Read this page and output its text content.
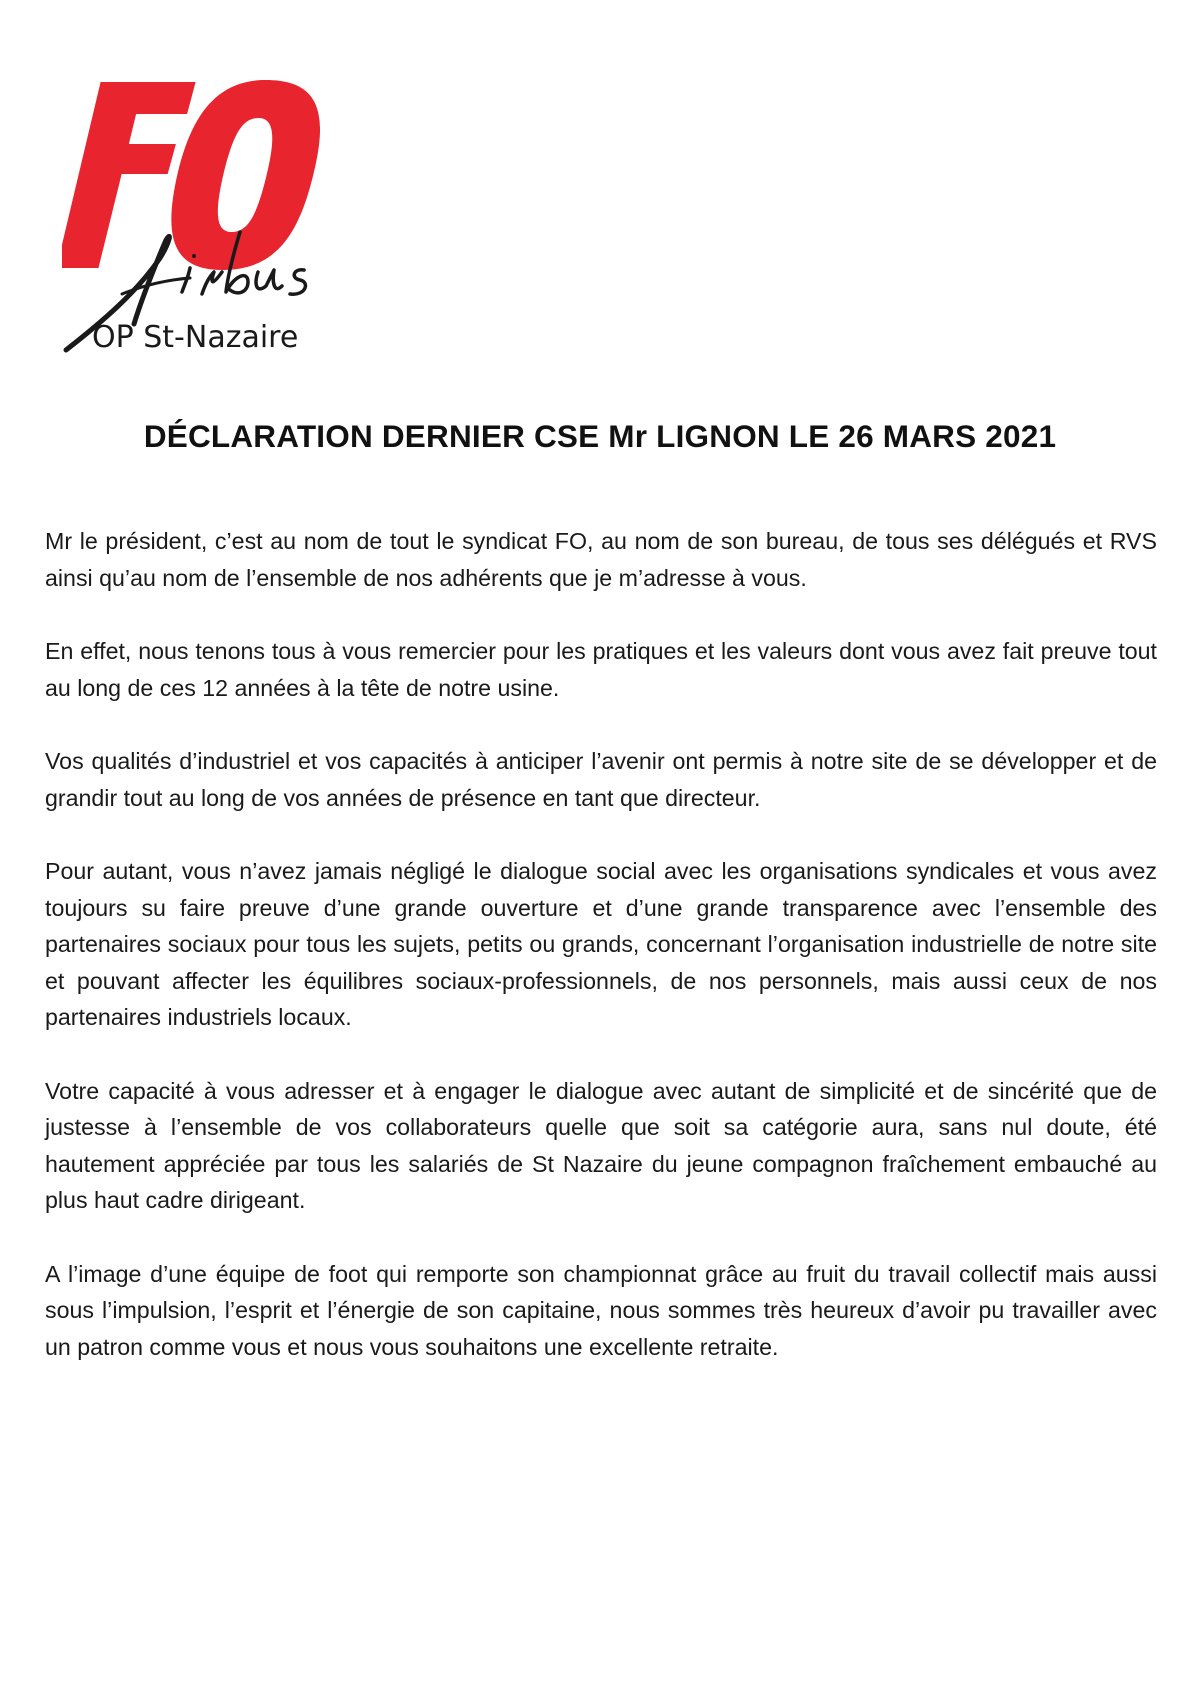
OP St-Nazaire
DÉCLARATION DERNIER CSE Mr LIGNON LE 26 MARS 2021

Mr le président, c’est au nom de tout le syndicat FO, au nom de son bureau, de tous ses délégués et RVS ainsi qu’au nom de l’ensemble de nos adhérents que je m’adresse à vous.

En effet, nous tenons tous à vous remercier pour les pratiques et les valeurs dont vous avez fait preuve tout au long de ces 12 années à la tête de notre usine.

Vos qualités d’industriel et vos capacités à anticiper l’avenir ont permis à notre site de se développer et de grandir tout au long de vos années de présence en tant que directeur.

Pour autant, vous n’avez jamais négligé le dialogue social avec les organisations syndicales et vous avez toujours su faire preuve d’une grande ouverture et d’une grande transparence avec l’ensemble des partenaires sociaux pour tous les sujets, petits ou grands, concernant l’organisation industrielle de notre site et pouvant affecter les équilibres sociaux-professionnels, de nos personnels, mais aussi ceux de nos partenaires industriels locaux.

Votre capacité à vous adresser et à engager le dialogue avec autant de simplicité et de sincérité que de justesse à l’ensemble de vos collaborateurs quelle que soit sa catégorie aura, sans nul doute, été hautement appréciée par tous les salariés de St Nazaire du jeune compagnon fraîchement embauché au plus haut cadre dirigeant.

A l’image d’une équipe de foot qui remporte son championnat grâce au fruit du travail collectif mais aussi sous l’impulsion, l’esprit et l’énergie de son capitaine, nous sommes très heureux d’avoir pu travailler avec un patron comme vous et nous vous souhaitons une excellente retraite.
